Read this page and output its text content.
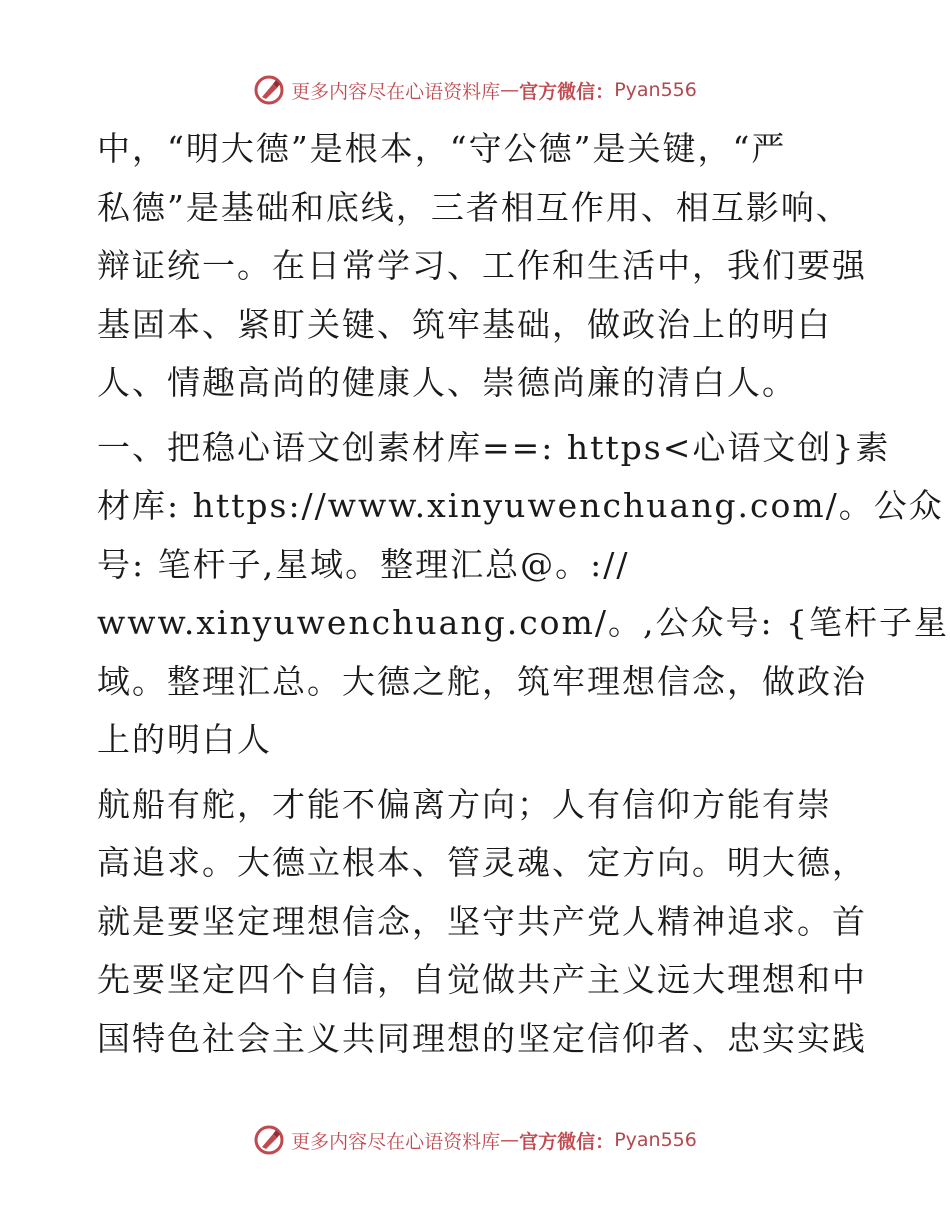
更多内容尽在心语资料库 — 官方微信： Pyan556
中，“明大德”是根本，“守公德”是关键，“严
私德”是基础和底线，三者相互作用、相互影响、
辩证统一。在日常学习、工作和生活中，我们要强
基固本、紧盯关键、筑牢基础，做政治上的明白
人、情趣高尚的健康人、崇德尚廉的清白人。
一、把稳心语文创素材库==: https<心语文创}素
材库: https://www.xinyuwenchuang.com/。公众
号: 笔杆子,星域。整理汇总@。://
www.xinyuwenchuang.com/。,公众号: {笔杆子星
域。整理汇总。大德之舵，筑牢理想信念，做政治
上的明白人
航船有舵，才能不偏离方向；人有信仰方能有崇
高追求。大德立根本、管灵魂、定方向。明大德，
就是要坚定理想信念，坚守共产党人精神追求。首
先要坚定四个自信，自觉做共产主义远大理想和中
国特色社会主义共同理想的坚定信仰者、忠实实践
更多内容尽在心语资料库 — 官方微信： Pyan556
